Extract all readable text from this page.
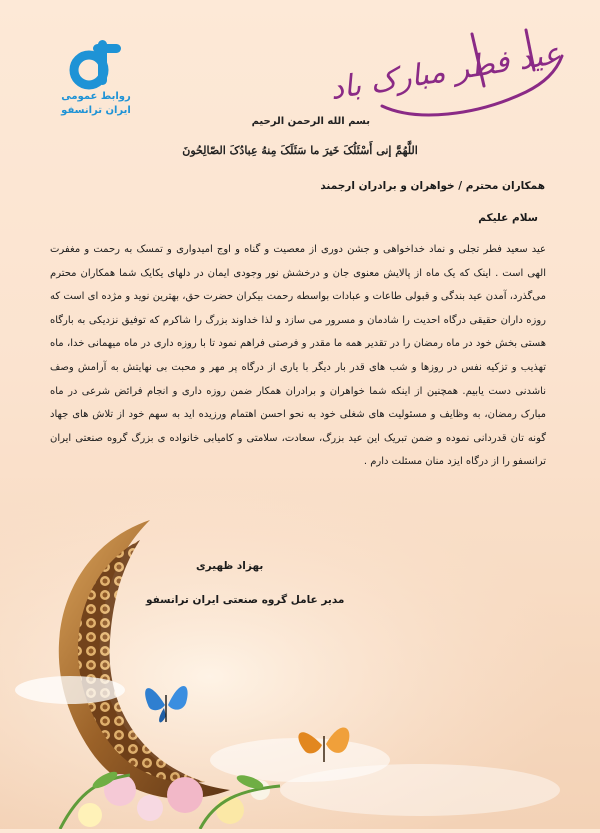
روابط عمومی
ایران ترانسفو
عید فطر مبارک باد
بسم الله الرحمن الرحیم
اللَّهُمَّ إنی أَسْئَلُکَ خَیرَ ما سَئَلَکَ مِنهُ عِبادُکَ الصّالِحُونَ
همکاران محترم / خواهران و برادران ارجمند
سلام علیکم
عید سعید فطر تجلی و نماد خداخواهی و جشن دوری از معصیت و گناه و اوج امیدواری و تمسک به رحمت و مغفرت الهی است . اینک که یک ماه از پالایش معنوی جان و درخشش نور وجودی ایمان در دلهای یکایک شما همکاران محترم می‌گذرد، آمدن عید بندگی و قبولی طاعات و عبادات بواسطه رحمت بیکران حضرت حق، بهترین نوید و مژده ای است که روزه داران حقیقی درگاه احدیت را شادمان و مسرور می سازد و لذا خداوند بزرگ را شاکرم که توفیق نزدیکی به بارگاه هستی بخش خود در ماه رمضان را در تقدیر همه ما مقدر و فرصتی فراهم نمود تا با روزه داری در ماه میهمانی خدا، ماه تهذیب و تزکیه نفس در روزها و شب های قدر بار دیگر با یاری از درگاه پر مهر و محبت بی نهایتش به آرامش وصف ناشدنی دست یابیم. همچنین از اینکه شما خواهران و برادران همکار ضمن روزه داری و انجام فرائض شرعی در ماه مبارک رمضان، به وظایف و مسئولیت های شغلی خود به نحو احسن اهتمام ورزیده اید به سهم خود از تلاش های جهاد گونه تان قدردانی نموده و ضمن تبریک این عید بزرگ، سعادت، سلامتی و کامیابی خانواده ی بزرگ گروه صنعتی ایران ترانسفو را از درگاه ایزد منان مسئلت دارم .
بهزاد ظهیری
مدیر عامل گروه صنعتی ایران ترانسفو
